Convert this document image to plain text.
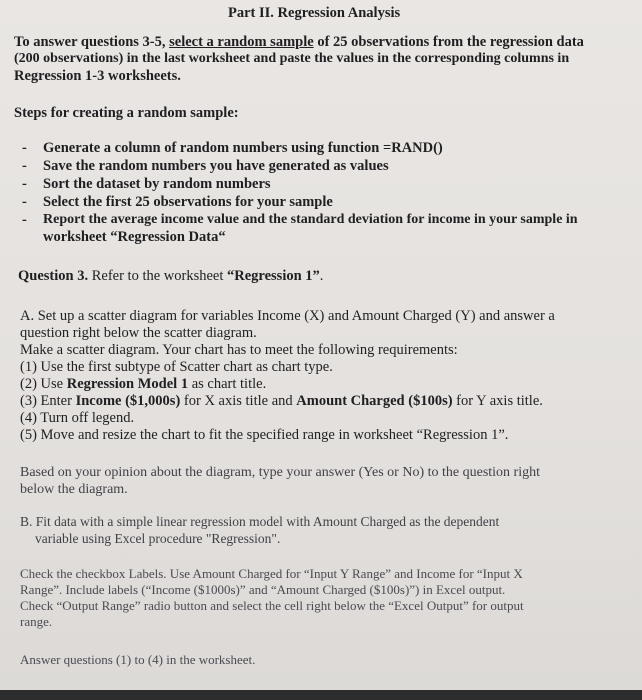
Part II. Regression Analysis
To answer questions 3-5, select a random sample of 25 observations from the regression data
(200 observations) in the last worksheet and paste the values in the corresponding columns in
Regression 1-3 worksheets.
Steps for creating a random sample:
- Generate a column of random numbers using function =RAND()
- Save the random numbers you have generated as values
- Sort the dataset by random numbers
- Select the first 25 observations for your sample
- Report the average income value and the standard deviation for income in your sample in
worksheet “Regression Data“
Question 3. Refer to the worksheet “Regression 1”.
A. Set up a scatter diagram for variables Income (X) and Amount Charged (Y) and answer a
question right below the scatter diagram.
Make a scatter diagram. Your chart has to meet the following requirements:
(1) Use the first subtype of Scatter chart as chart type.
(2) Use Regression Model 1 as chart title.
(3) Enter Income ($1,000s) for X axis title and Amount Charged ($100s) for Y axis title.
(4) Turn off legend.
(5) Move and resize the chart to fit the specified range in worksheet “Regression 1”.
Based on your opinion about the diagram, type your answer (Yes or No) to the question right
below the diagram.
B. Fit data with a simple linear regression model with Amount Charged as the dependent
variable using Excel procedure "Regression".
Check the checkbox Labels. Use Amount Charged for “Input Y Range” and Income for “Input X
Range”. Include labels (“Income ($1000s)” and “Amount Charged ($100s)”) in Excel output.
Check “Output Range” radio button and select the cell right below the “Excel Output” for output
range.
Answer questions (1) to (4) in the worksheet.
